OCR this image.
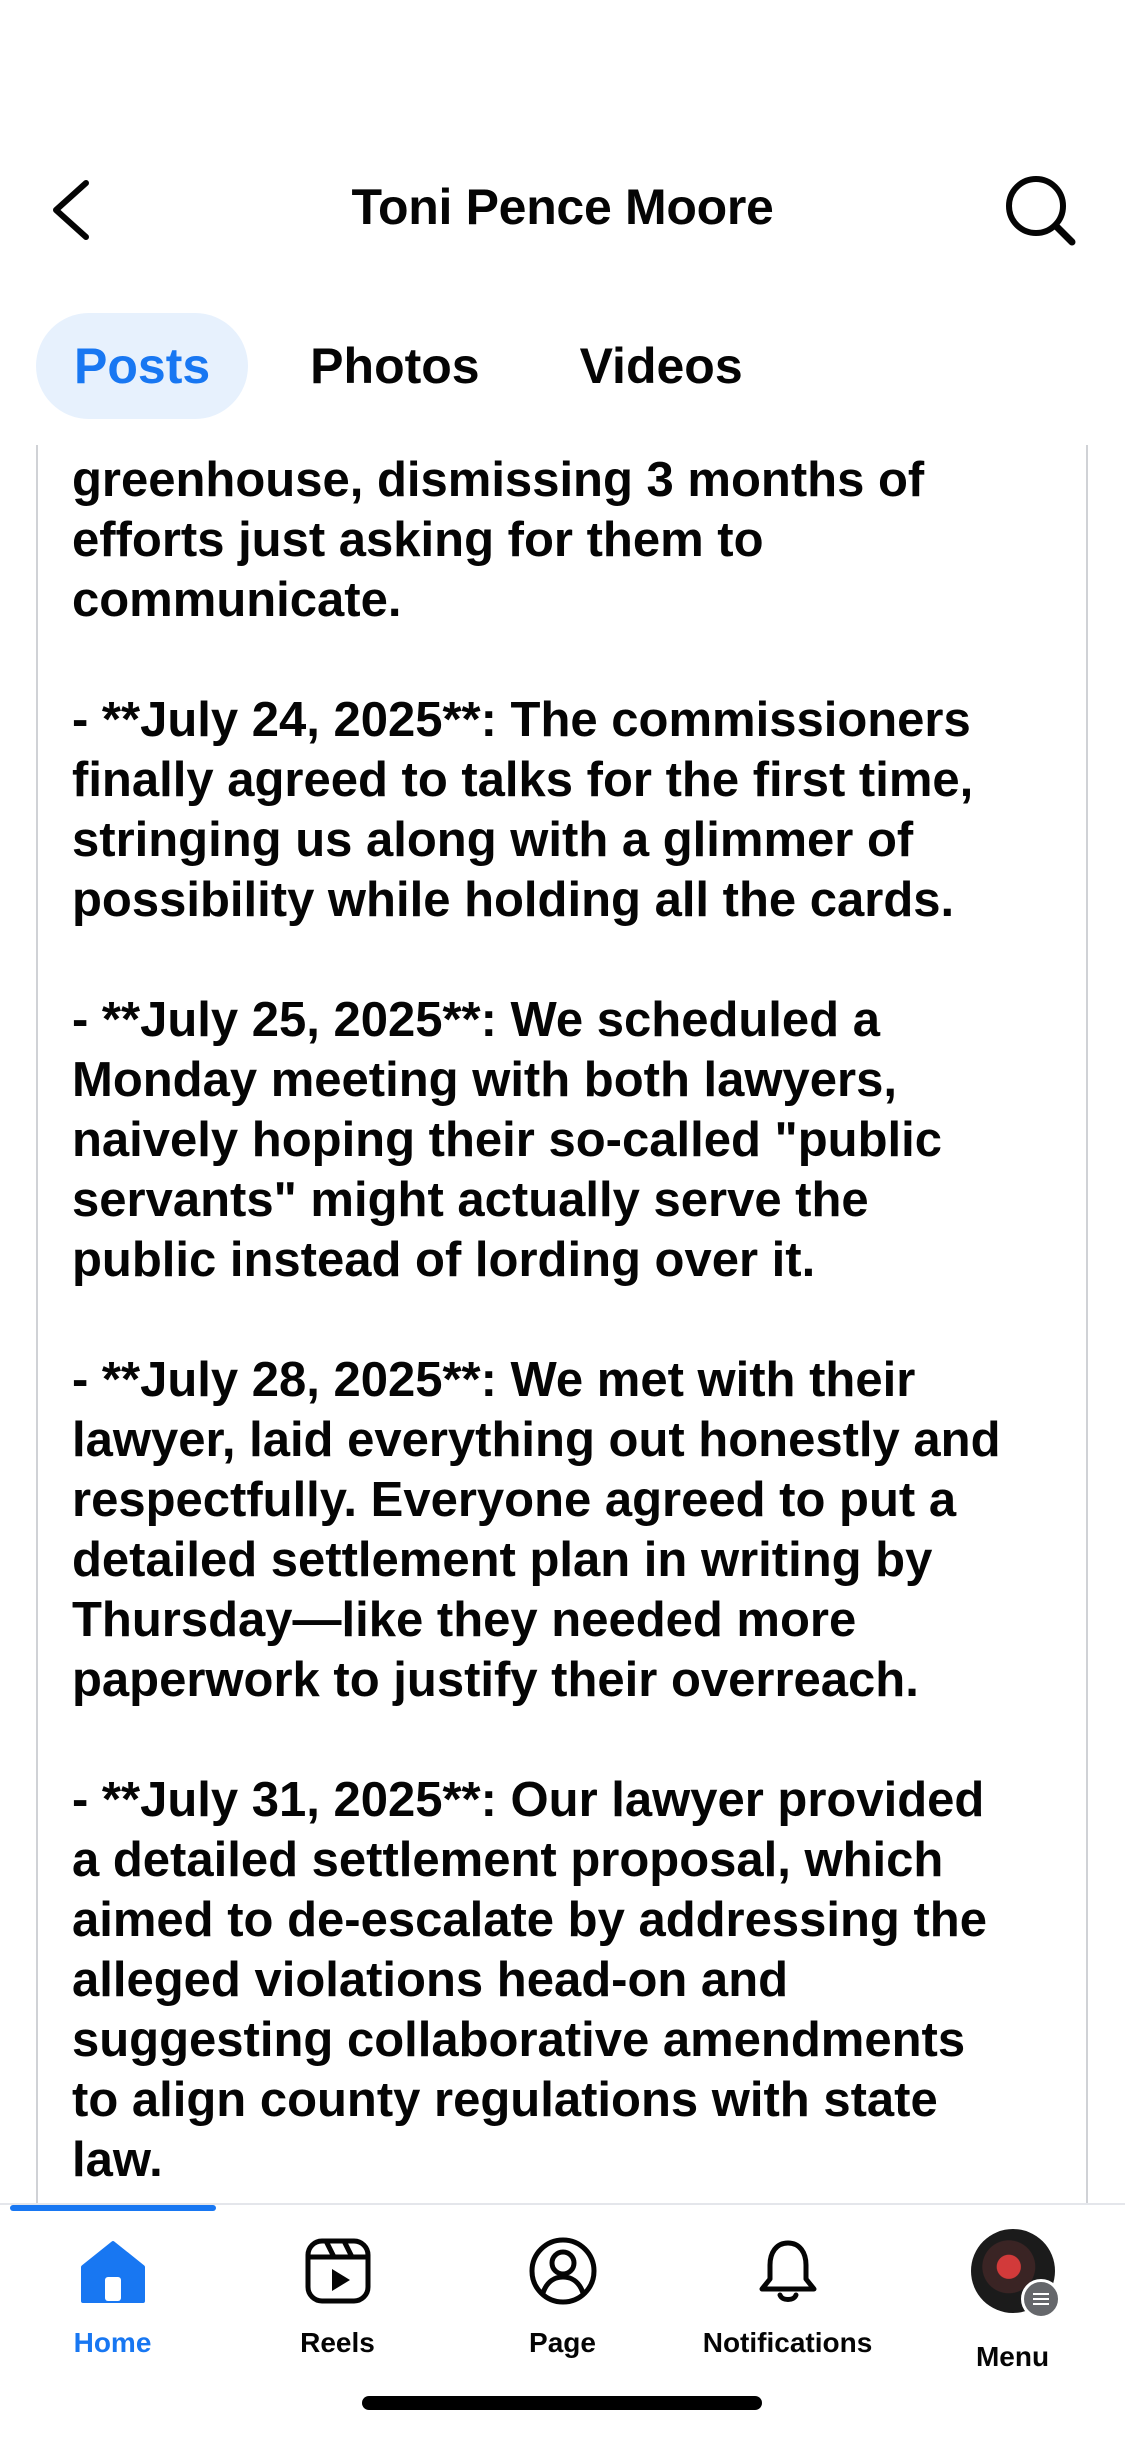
Toni Pence Moore
Posts	Photos	Videos

greenhouse, dismissing 3 months of
efforts just asking for them to
communicate.

- **July 24, 2025**: The commissioners
finally agreed to talks for the first time,
stringing us along with a glimmer of
possibility while holding all the cards.

- **July 25, 2025**: We scheduled a
Monday meeting with both lawyers,
naively hoping their so-called "public
servants" might actually serve the
public instead of lording over it.

- **July 28, 2025**: We met with their
lawyer, laid everything out honestly and
respectfully. Everyone agreed to put a
detailed settlement plan in writing by
Thursday—like they needed more
paperwork to justify their overreach.

- **July 31, 2025**: Our lawyer provided
a detailed settlement proposal, which
aimed to de-escalate by addressing the
alleged violations head-on and
suggesting collaborative amendments
to align county regulations with state
law.

Home	Reels	Page	Notifications	Menu
